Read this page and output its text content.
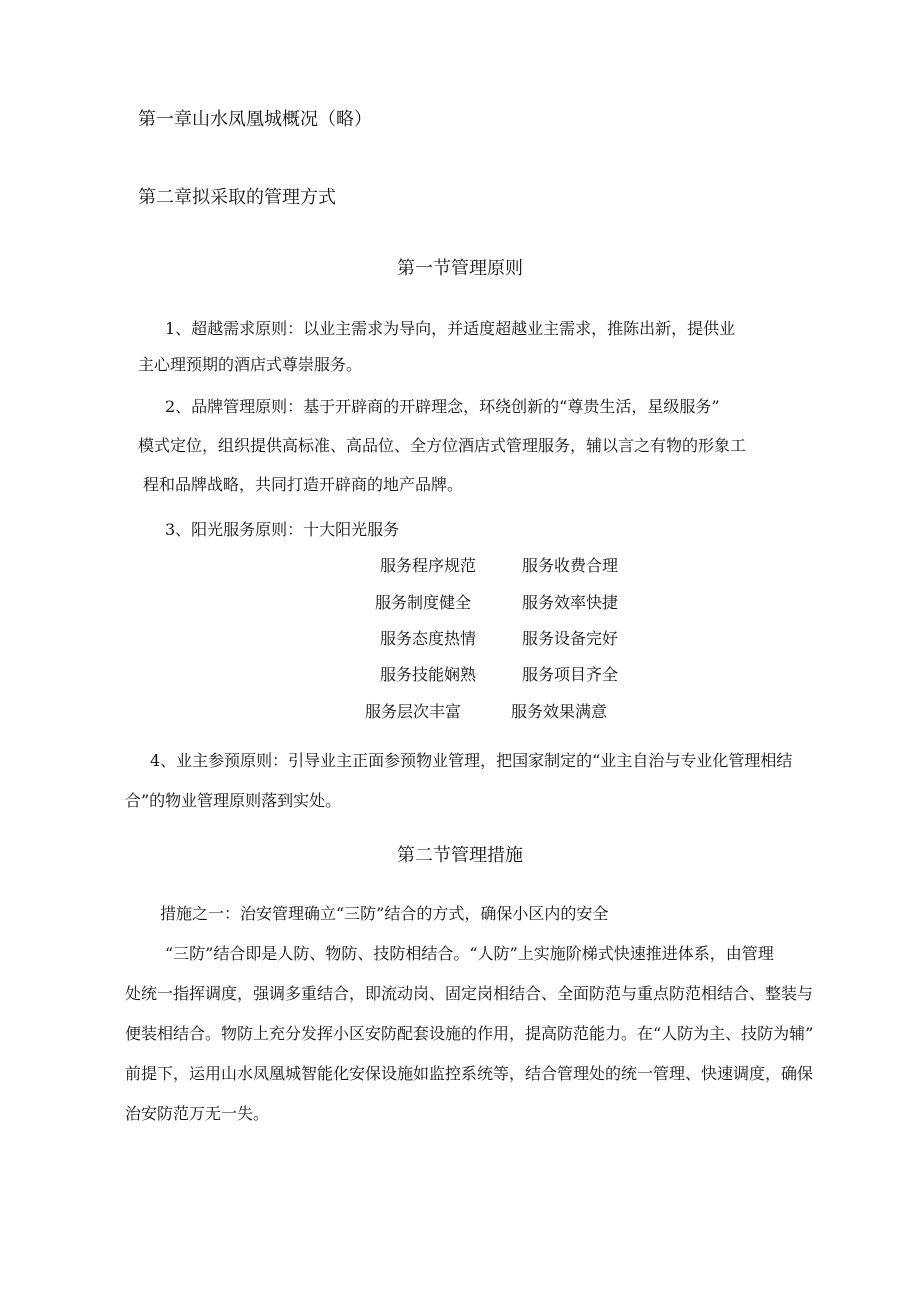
第一章山水凤凰城概况（略）
第二章拟采取的管理方式
第一节管理原则
1、超越需求原则：以业主需求为导向，并适度超越业主需求，推陈出新，提供业
主心理预期的酒店式尊崇服务。
2、品牌管理原则：基于开辟商的开辟理念，环绕创新的“尊贵生活，星级服务”
模式定位，组织提供高标准、高品位、全方位酒店式管理服务，辅以言之有物的形象工
程和品牌战略，共同打造开辟商的地产品牌。
3、阳光服务原则：十大阳光服务
服务程序规范	服务收费合理
服务制度健全	服务效率快捷
服务态度热情	服务设备完好
服务技能娴熟	服务项目齐全
服务层次丰富	服务效果满意
4、业主参预原则：引导业主正面参预物业管理，把国家制定的“业主自治与专业化管理相结
合”的物业管理原则落到实处。
第二节管理措施
措施之一：治安管理确立“三防”结合的方式，确保小区内的安全
“三防”结合即是人防、物防、技防相结合。“人防”上实施阶梯式快速推进体系，由管理
处统一指挥调度，强调多重结合，即流动岗、固定岗相结合、全面防范与重点防范相结合、整装与
便装相结合。物防上充分发挥小区安防配套设施的作用，提高防范能力。在“人防为主、技防为辅”
前提下，运用山水凤凰城智能化安保设施如监控系统等，结合管理处的统一管理、快速调度，确保
治安防范万无一失。
